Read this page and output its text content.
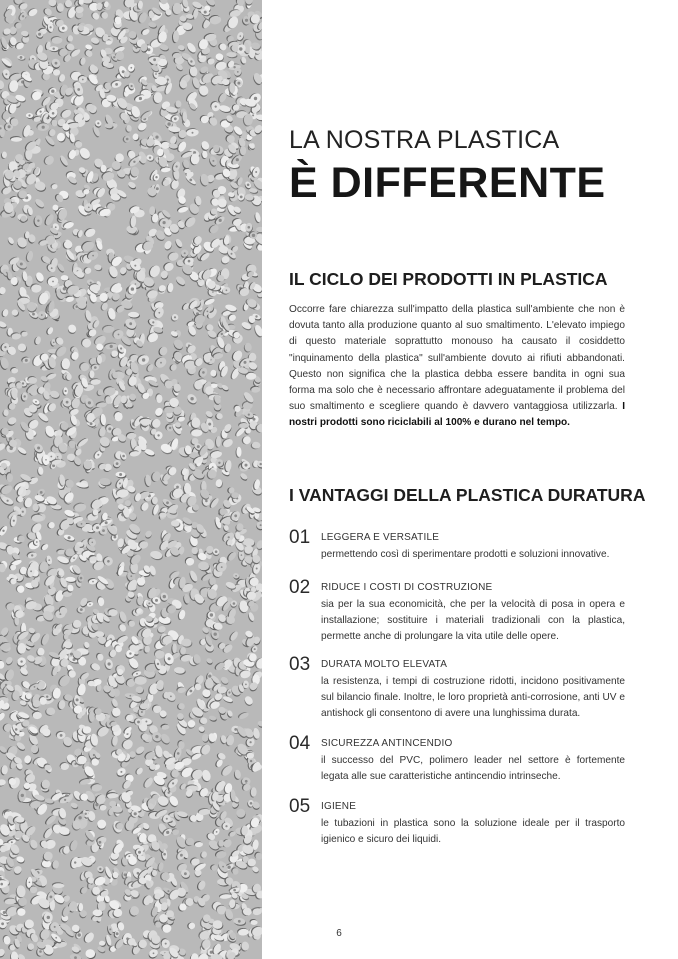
LA NOSTRA PLASTICA
È DIFFERENTE
IL CICLO DEI PRODOTTI IN PLASTICA
Occorre fare chiarezza sull'impatto della plastica sull'ambiente che non è dovuta tanto alla produzione quanto al suo smaltimento. L'elevato impiego di questo materiale soprattutto monouso ha causato il cosiddetto "inquinamento della plastica" sull'ambiente dovuto ai rifiuti abbandonati. Questo non significa che la plastica debba essere bandita in ogni sua forma ma solo che è necessario affrontare adeguatamente il problema del suo smaltimento e scegliere quando è davvero vantaggiosa utilizzarla. I nostri prodotti sono riciclabili al 100% e durano nel tempo.
I VANTAGGI DELLA PLASTICA DURATURA
01 LEGGERA E VERSATILE
permettendo così di sperimentare prodotti e soluzioni innovative.
02 RIDUCE I COSTI DI COSTRUZIONE
sia per la sua economicità, che per la velocità di posa in opera e installazione; sostituire i materiali tradizionali con la plastica, permette anche di prolungare la vita utile delle opere.
03 DURATA MOLTO ELEVATA
la resistenza, i tempi di costruzione ridotti, incidono positivamente sul bilancio finale. Inoltre, le loro proprietà anti-corrosione, anti UV e antishock gli consentono di avere una lunghissima durata.
04 SICUREZZA ANTINCENDIO
il successo del PVC, polimero leader nel settore è fortemente legata alle sue caratteristiche antincendio intrinseche.
05 IGIENE
le tubazioni in plastica sono la soluzione ideale per il trasporto igienico e sicuro dei liquidi.
6
